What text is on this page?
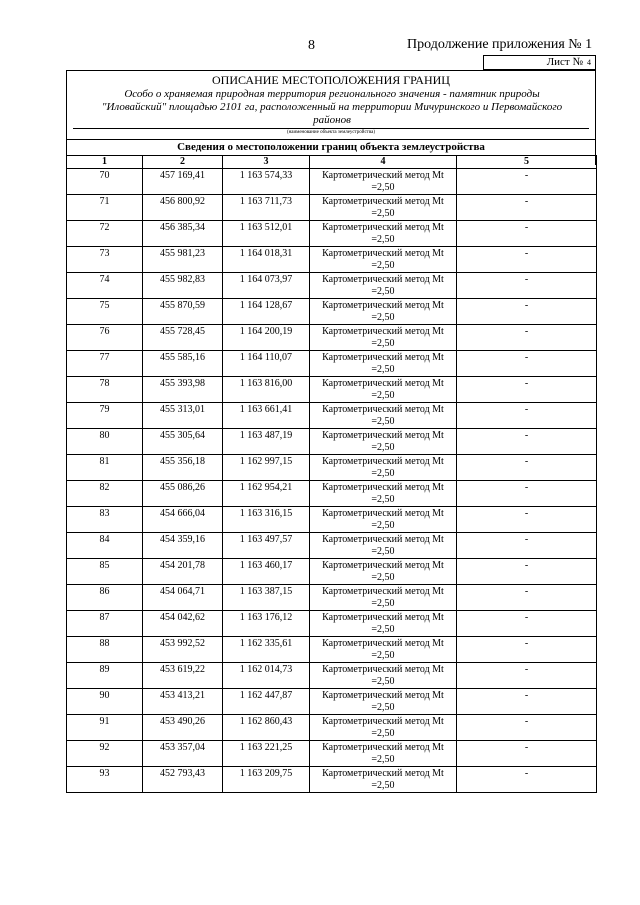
8	Продолжение приложения № 1
Лист № 4
ОПИСАНИЕ МЕСТОПОЛОЖЕНИЯ ГРАНИЦ
Особо о храняемая природная территория регионального значения - памятник природы
"Иловайский" площадью 2101 га, расположенный на территории Мичуринского и Первомайского
районов
(наименование объекта землеустройства)
Сведения о местоположении границ объекта землеустройства
1	2	3	4	5
70	457 169,41	1 163 574,33	Картометрический метод Mt
=2,50	-
71	456 800,92	1 163 711,73	Картометрический метод Mt
=2,50	-
72	456 385,34	1 163 512,01	Картометрический метод Mt
=2,50	-
73	455 981,23	1 164 018,31	Картометрический метод Mt
=2,50	-
74	455 982,83	1 164 073,97	Картометрический метод Mt
=2,50	-
75	455 870,59	1 164 128,67	Картометрический метод Mt
=2,50	-
76	455 728,45	1 164 200,19	Картометрический метод Mt
=2,50	-
77	455 585,16	1 164 110,07	Картометрический метод Mt
=2,50	-
78	455 393,98	1 163 816,00	Картометрический метод Mt
=2,50	-
79	455 313,01	1 163 661,41	Картометрический метод Mt
=2,50	-
80	455 305,64	1 163 487,19	Картометрический метод Mt
=2,50	-
81	455 356,18	1 162 997,15	Картометрический метод Mt
=2,50	-
82	455 086,26	1 162 954,21	Картометрический метод Mt
=2,50	-
83	454 666,04	1 163 316,15	Картометрический метод Mt
=2,50	-
84	454 359,16	1 163 497,57	Картометрический метод Mt
=2,50	-
85	454 201,78	1 163 460,17	Картометрический метод Mt
=2,50	-
86	454 064,71	1 163 387,15	Картометрический метод Mt
=2,50	-
87	454 042,62	1 163 176,12	Картометрический метод Mt
=2,50	-
88	453 992,52	1 162 335,61	Картометрический метод Mt
=2,50	-
89	453 619,22	1 162 014,73	Картометрический метод Mt
=2,50	-
90	453 413,21	1 162 447,87	Картометрический метод Mt
=2,50	-
91	453 490,26	1 162 860,43	Картометрический метод Mt
=2,50	-
92	453 357,04	1 163 221,25	Картометрический метод Mt
=2,50	-
93	452 793,43	1 163 209,75	Картометрический метод Mt
=2,50	-
